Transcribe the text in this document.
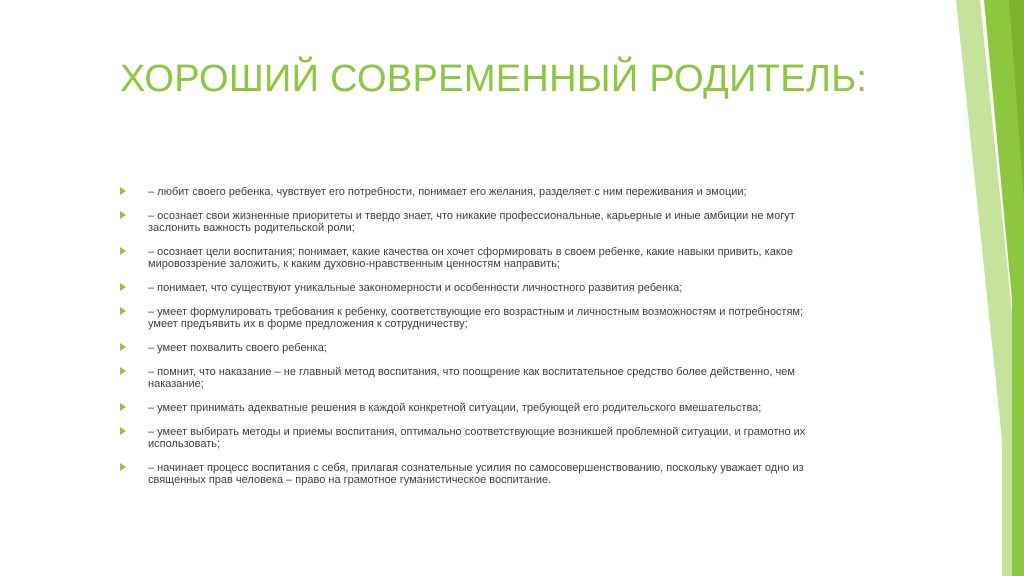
ХОРОШИЙ СОВРЕМЕННЫЙ РОДИТЕЛЬ:
– любит своего ребенка, чувствует его потребности, понимает его желания, разделяет с ним переживания и эмоции;
– осознает свои жизненные приоритеты и твердо знает, что никакие профессиональные, карьерные и иные амбиции не могут заслонить важность родительской роли;
– осознает цели воспитания; понимает, какие качества он хочет сформировать в своем ребенке, какие навыки привить, какое мировоззрение заложить, к каким духовно-нравственным ценностям направить;
– понимает, что существуют уникальные закономерности и особенности личностного развития ребенка;
– умеет формулировать требования к ребенку, соответствующие его возрастным и личностным возможностям и потребностям; умеет предъявить их в форме предложения к сотрудничеству;
– умеет похвалить своего ребенка;
– помнит, что наказание – не главный метод воспитания, что поощрение как воспитательное средство более действенно, чем наказание;
– умеет принимать адекватные решения в каждой конкретной ситуации, требующей его родительского вмешательства;
– умеет выбирать методы и приемы воспитания, оптимально соответствующие возникшей проблемной ситуации, и грамотно их использовать;
– начинает процесс воспитания с себя, прилагая сознательные усилия по самосовершенствованию, поскольку уважает одно из священных прав человека – право на грамотное гуманистическое воспитание.
